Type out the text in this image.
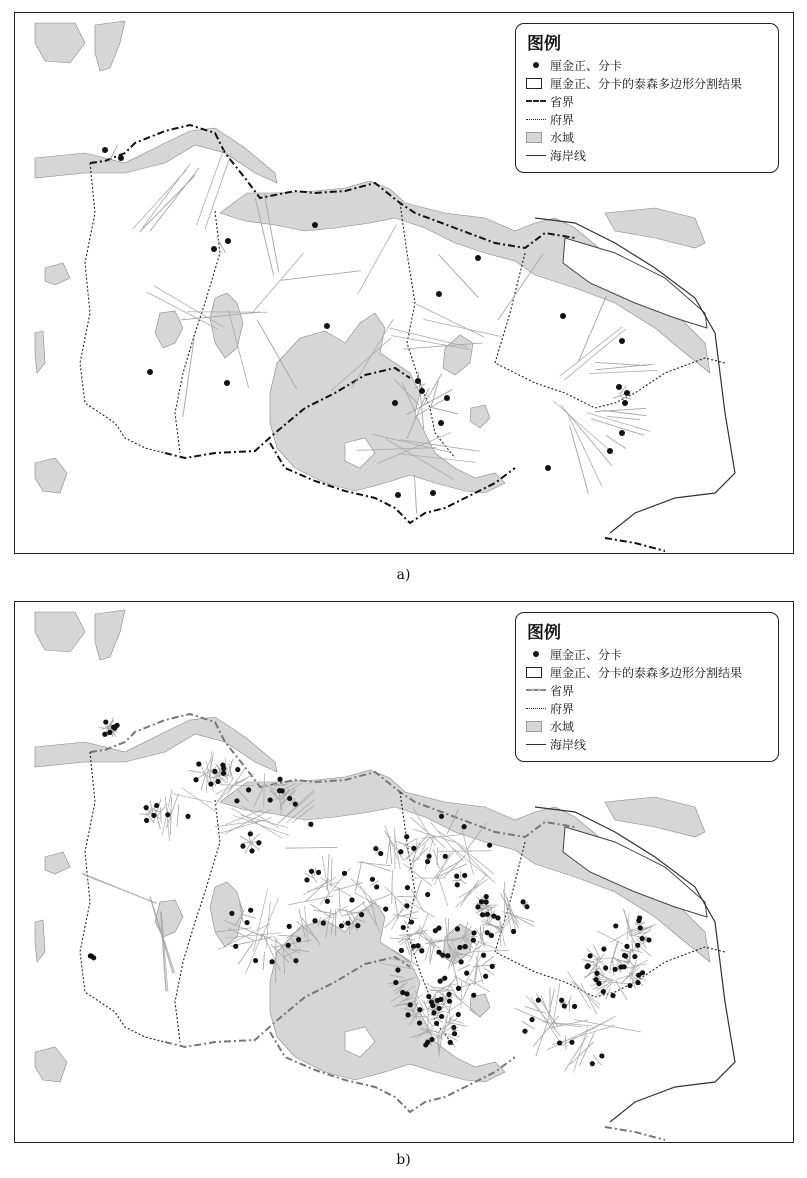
图例
厘金正、分卡
厘金正、分卡的泰森多边形分割结果
省界
府界
水域
海岸线
a)
图例
厘金正、分卡
厘金正、分卡的泰森多边形分割结果
省界
府界
水域
海岸线
b)
